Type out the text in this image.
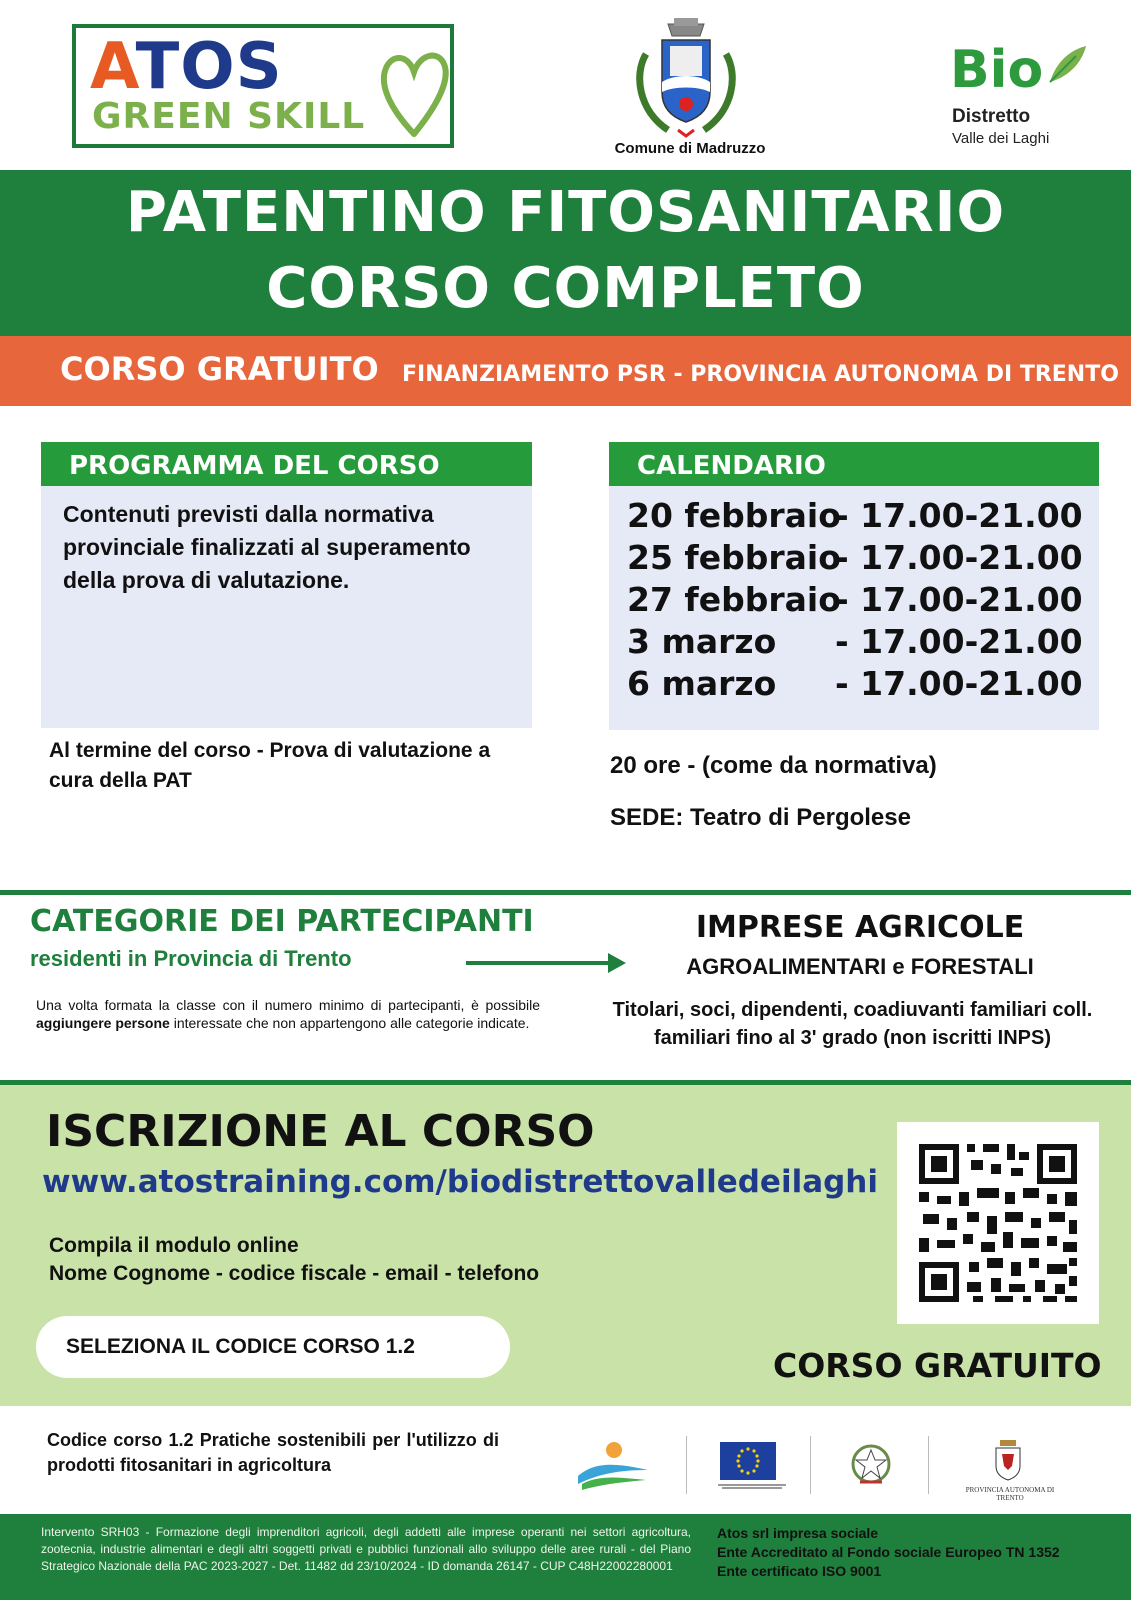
ATOS
GREEN SKILL
Comune di Madruzzo
Bio
Distretto
Valle dei Laghi
PATENTINO FITOSANITARIO
CORSO COMPLETO
CORSO GRATUITO FINANZIAMENTO PSR - PROVINCIA AUTONOMA DI TRENTO
PROGRAMMA DEL CORSO
Contenuti previsti dalla normativa provinciale finalizzati al superamento della prova di valutazione.
Al termine del corso - Prova di valutazione a cura della PAT
CALENDARIO
20 febbraio- 17.00-21.00
25 febbraio- 17.00-21.00
27 febbraio- 17.00-21.00
3 marzo - 17.00-21.00
6 marzo - 17.00-21.00
20 ore - (come da normativa)
SEDE: Teatro di Pergolese
CATEGORIE DEI PARTECIPANTI
residenti in Provincia di Trento
Una volta formata la classe con il numero minimo di partecipanti, è possibile aggiungere persone interessate che non appartengono alle categorie indicate.
IMPRESE AGRICOLE
AGROALIMENTARI e FORESTALI
Titolari, soci, dipendenti, coadiuvanti familiari coll. familiari fino al 3' grado (non iscritti INPS)
ISCRIZIONE AL CORSO
www.atostraining.com/biodistrettovalledeilaghi
Compila il modulo online
Nome Cognome - codice fiscale - email - telefono
SELEZIONA IL CODICE CORSO 1.2	CORSO GRATUITO
Codice corso 1.2 Pratiche sostenibili per l'utilizzo di prodotti fitosanitari in agricoltura
PROVINCIA AUTONOMA DI TRENTO
Intervento SRH03 - Formazione degli imprenditori agricoli, degli addetti alle imprese operanti nei settori agricoltura, zootecnia, industrie alimentari e degli altri soggetti privati e pubblici funzionali allo sviluppo delle aree rurali - del Piano Strategico Nazionale della PAC 2023-2027 - Det. 11482 dd 23/10/2024 - ID domanda 26147 - CUP C48H22002280001
Atos srl impresa sociale
Ente Accreditato al Fondo sociale Europeo TN 1352
Ente certificato ISO 9001
